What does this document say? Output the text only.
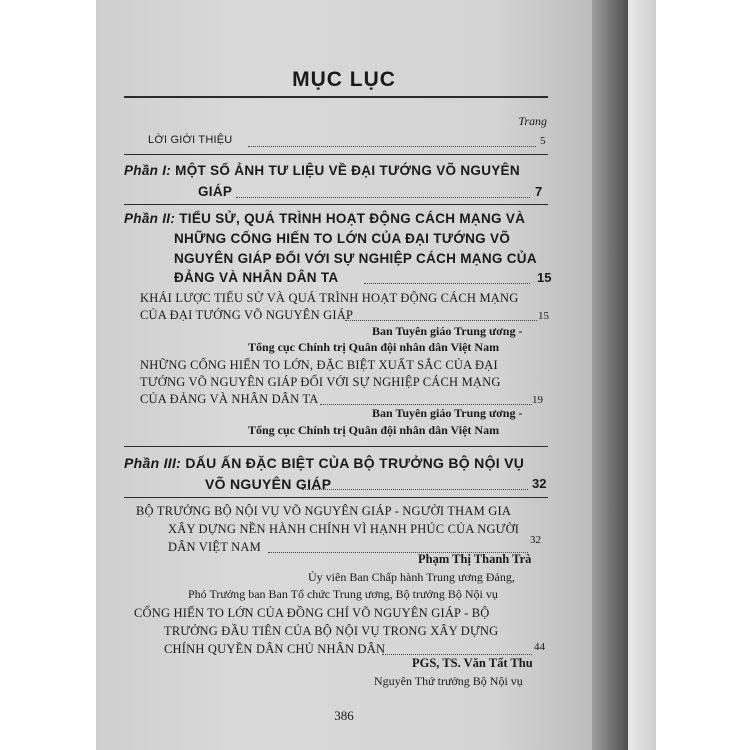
MỤC LỤC
Trang
LỜI GIỚI THIỆU	5
Phần I: MỘT SỐ ẢNH TƯ LIỆU VỀ ĐẠI TƯỚNG VÕ NGUYÊN
GIÁP	7
Phần II: TIỂU SỬ, QUÁ TRÌNH HOẠT ĐỘNG CÁCH MẠNG VÀ
NHỮNG CỐNG HIẾN TO LỚN CỦA ĐẠI TƯỚNG VÕ
NGUYÊN GIÁP ĐỐI VỚI SỰ NGHIỆP CÁCH MẠNG CỦA
ĐẢNG VÀ NHÂN DÂN TA	15
KHÁI LƯỢC TIỂU SỬ VÀ QUÁ TRÌNH HOẠT ĐỘNG CÁCH MẠNG
CỦA ĐẠI TƯỚNG VÕ NGUYÊN GIÁP	15
Ban Tuyên giáo Trung ương -
Tổng cục Chính trị Quân đội nhân dân Việt Nam
NHỮNG CỐNG HIẾN TO LỚN, ĐẶC BIỆT XUẤT SẮC CỦA ĐẠI
TƯỚNG VÕ NGUYÊN GIÁP ĐỐI VỚI SỰ NGHIỆP CÁCH MẠNG
CỦA ĐẢNG VÀ NHÂN DÂN TA	19
Ban Tuyên giáo Trung ương -
Tổng cục Chính trị Quân đội nhân dân Việt Nam
Phần III: DẤU ẤN ĐẶC BIỆT CỦA BỘ TRƯỞNG BỘ NỘI VỤ
VÕ NGUYÊN GIÁP	32
BỘ TRƯỞNG BỘ NỘI VỤ VÕ NGUYÊN GIÁP - NGƯỜI THAM GIA
XÂY DỰNG NỀN HÀNH CHÍNH VÌ HẠNH PHÚC CỦA NGƯỜI
DÂN VIỆT NAM	32
Phạm Thị Thanh Trà
Ủy viên Ban Chấp hành Trung ương Đảng,
Phó Trưởng ban Ban Tổ chức Trung ương, Bộ trưởng Bộ Nội vụ
CỐNG HIẾN TO LỚN CỦA ĐỒNG CHÍ VÕ NGUYÊN GIÁP - BỘ
TRƯỞNG ĐẦU TIÊN CỦA BỘ NỘI VỤ TRONG XÂY DỰNG
CHÍNH QUYỀN DÂN CHỦ NHÂN DÂN	44
PGS, TS. Văn Tất Thu
Nguyên Thứ trưởng Bộ Nội vụ
386
